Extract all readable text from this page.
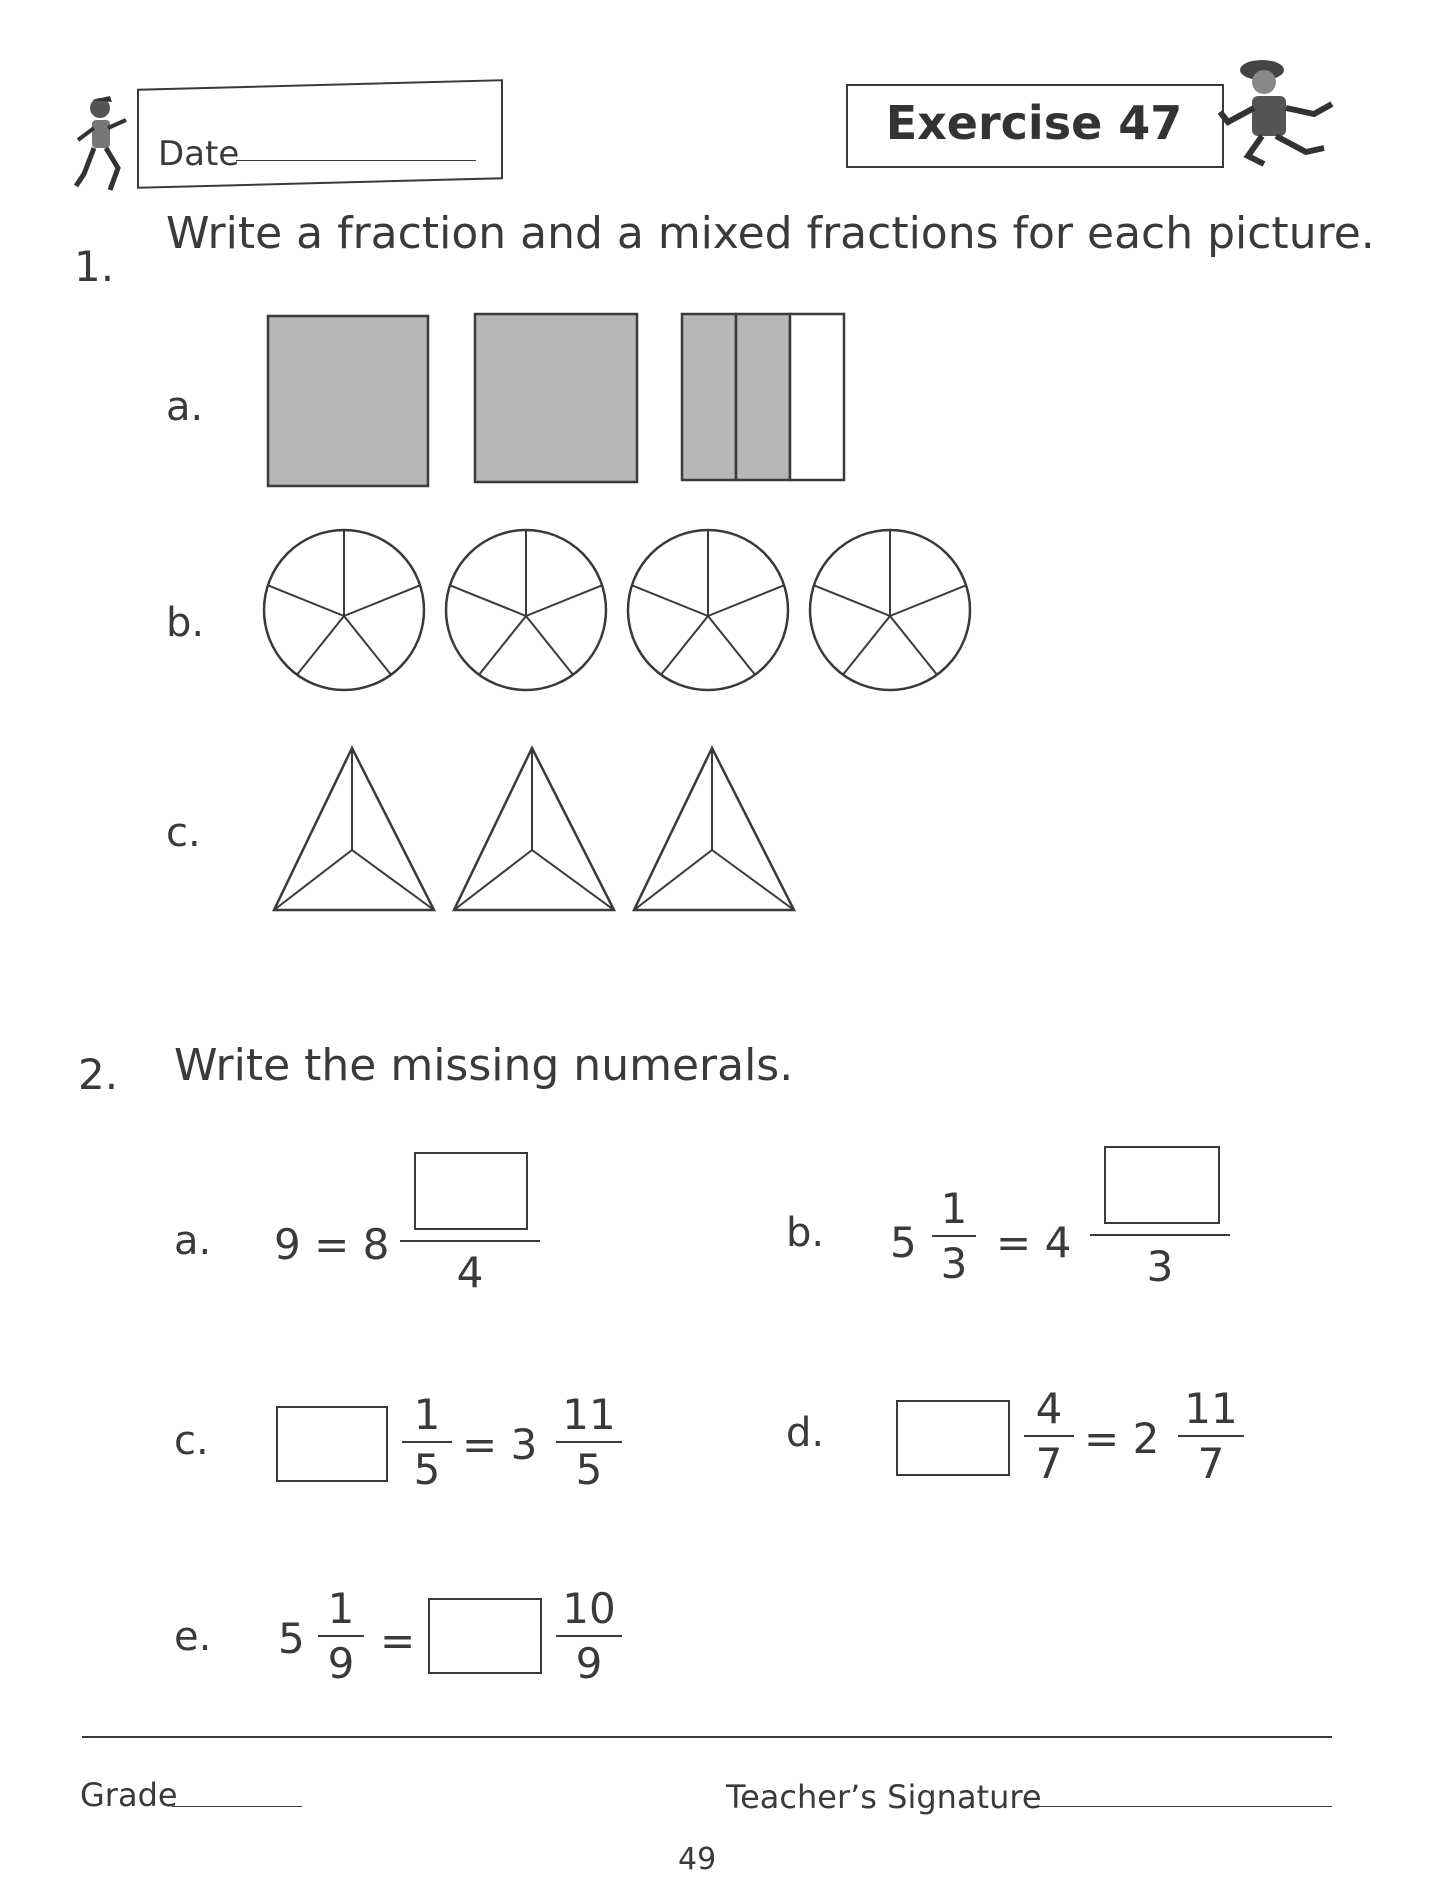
Date
Exercise 47
1.
Write a fraction and a mixed fractions for each picture.
a.
b.
c.
2. Write the missing numerals.
a. 9 = 8
4
b. 5
1
3 = 4	3
c.
1
5
= 3
11
5
d.	4
7
= 2
11
7
e. 5
1
9 =
10
9
Grade	Teacher’s Signature
49
